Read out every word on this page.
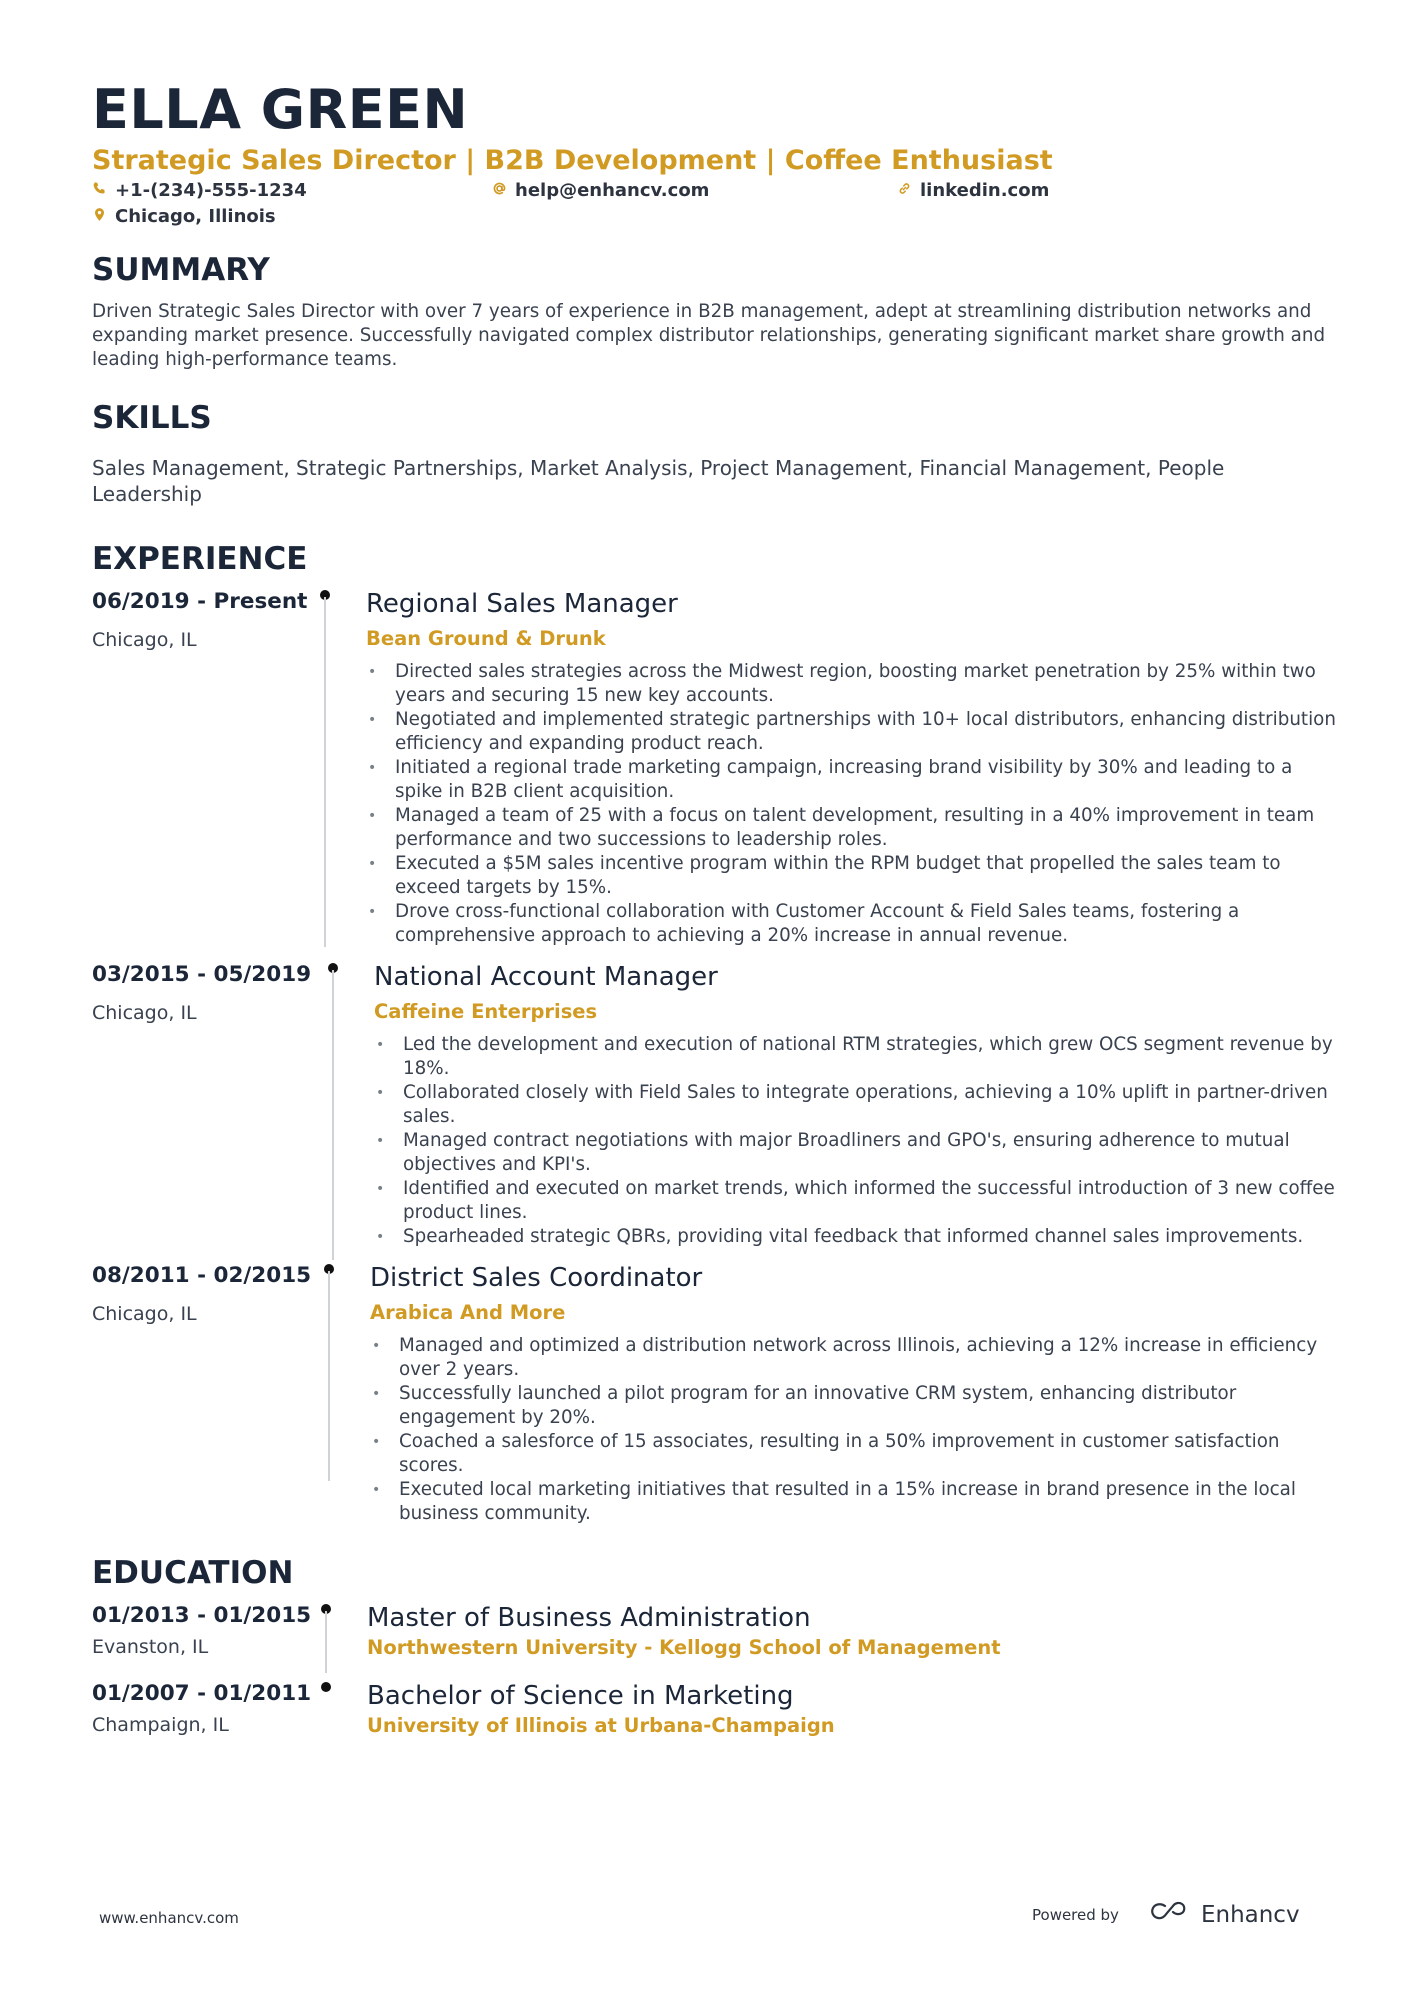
ELLA GREEN
Strategic Sales Director | B2B Development | Coffee Enthusiast
+1-(234)-555-1234	help@enhancv.com	linkedin.com
Chicago, Illinois
SUMMARY

Driven Strategic Sales Director with over 7 years of experience in B2B management, adept at streamlining distribution networks and expanding market presence. Successfully navigated complex distributor relationships, generating significant market share growth and leading high-performance teams.

SKILLS

Sales Management, Strategic Partnerships, Market Analysis, Project Management, Financial Management, People Leadership

EXPERIENCE
06/2019 - Present
Chicago, IL
Regional Sales Manager
Bean Ground & Drunk
• Directed sales strategies across the Midwest region, boosting market penetration by 25% within two years and securing 15 new key accounts.
• Negotiated and implemented strategic partnerships with 10+ local distributors, enhancing distribution efficiency and expanding product reach.
• Initiated a regional trade marketing campaign, increasing brand visibility by 30% and leading to a spike in B2B client acquisition.
• Managed a team of 25 with a focus on talent development, resulting in a 40% improvement in team performance and two successions to leadership roles.
• Executed a $5M sales incentive program within the RPM budget that propelled the sales team to exceed targets by 15%.
• Drove cross-functional collaboration with Customer Account & Field Sales teams, fostering a comprehensive approach to achieving a 20% increase in annual revenue.
03/2015 - 05/2019
Chicago, IL
National Account Manager
Caffeine Enterprises
• Led the development and execution of national RTM strategies, which grew OCS segment revenue by 18%.
• Collaborated closely with Field Sales to integrate operations, achieving a 10% uplift in partner-driven sales.
• Managed contract negotiations with major Broadliners and GPO's, ensuring adherence to mutual objectives and KPI's.
• Identified and executed on market trends, which informed the successful introduction of 3 new coffee product lines.
• Spearheaded strategic QBRs, providing vital feedback that informed channel sales improvements.
08/2011 - 02/2015
Chicago, IL
District Sales Coordinator
Arabica And More
• Managed and optimized a distribution network across Illinois, achieving a 12% increase in efficiency over 2 years.
• Successfully launched a pilot program for an innovative CRM system, enhancing distributor engagement by 20%.
• Coached a salesforce of 15 associates, resulting in a 50% improvement in customer satisfaction scores.
• Executed local marketing initiatives that resulted in a 15% increase in brand presence in the local business community.
EDUCATION
01/2013 - 01/2015
Evanston, IL
Master of Business Administration
Northwestern University - Kellogg School of Management
01/2007 - 01/2011
Champaign, IL
Bachelor of Science in Marketing
University of Illinois at Urbana-Champaign
www.enhancv.com	Powered by	Enhancv
